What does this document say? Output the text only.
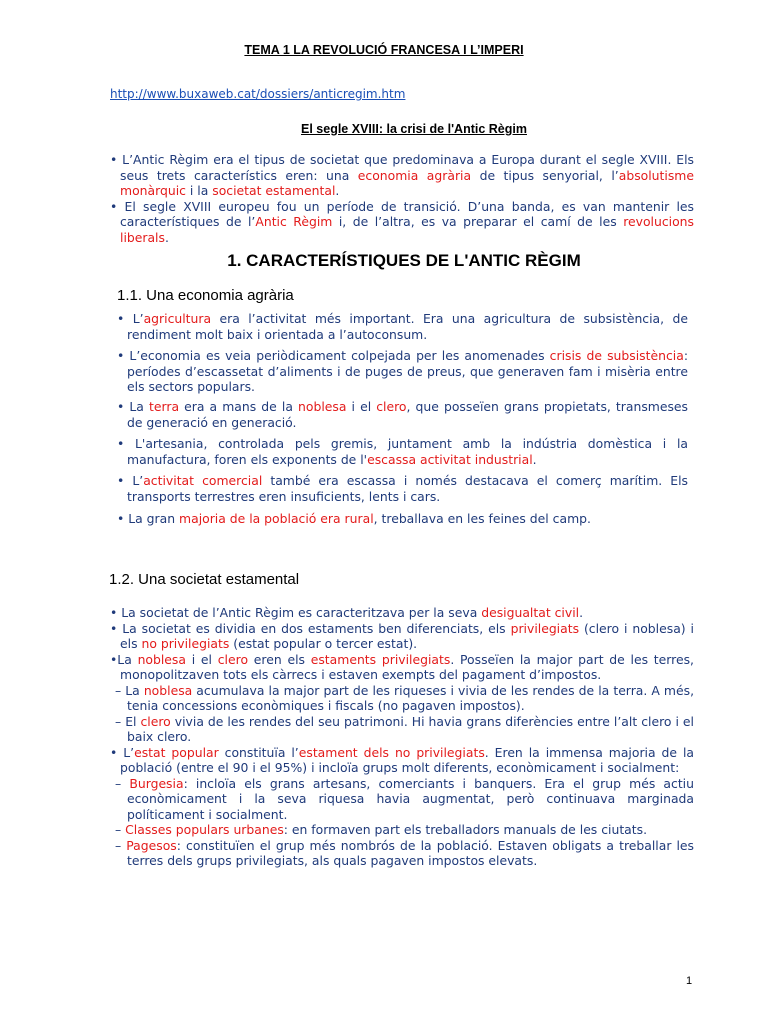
TEMA 1 LA REVOLUCIÓ FRANCESA I L’IMPERI
http://www.buxaweb.cat/dossiers/anticregim.htm
El segle XVIII: la crisi de l'Antic Règim

• L’Antic Règim era el tipus de societat que predominava a Europa durant el segle XVIII. Els seus trets característics eren: una economia agrària de tipus senyorial, l’absolutisme monàrquic i la societat estamental.

• El segle XVIII europeu fou un període de transició. D’una banda, es van mantenir les característiques de l’Antic Règim i, de l’altra, es va preparar el camí de les revolucions liberals.

1. CARACTERÍSTIQUES DE L'ANTIC RÈGIM
1.1. Una economia agrària

• L’agricultura era l’activitat més important. Era una agricultura de subsistència, de rendiment molt baix i orientada a l’autoconsum.

• L’economia es veia periòdicament colpejada per les anomenades crisis de subsistència: períodes d’escassetat d’aliments i de puges de preus, que generaven fam i misèria entre els sectors populars.

• La terra era a mans de la noblesa i el clero, que posseïen grans propietats, transmeses de generació en generació.

• L'artesania, controlada pels gremis, juntament amb la indústria domèstica i la manufactura, foren els exponents de l'escassa activitat industrial.

• L’activitat comercial també era escassa i només destacava el comerç marítim. Els transports terrestres eren insuficients, lents i cars.

• La gran majoria de la població era rural, treballava en les feines del camp.

1.2. Una societat estamental

• La societat de l’Antic Règim es caracteritzava per la seva desigualtat civil.

• La societat es dividia en dos estaments ben diferenciats, els privilegiats (clero i noblesa) i els no privilegiats (estat popular o tercer estat).

•La noblesa i el clero eren els estaments privilegiats. Posseïen la major part de les terres, monopolitzaven tots els càrrecs i estaven exempts del pagament d’impostos.

– La noblesa acumulava la major part de les riqueses i vivia de les rendes de la terra. A més, tenia concessions econòmiques i fiscals (no pagaven impostos).

– El clero vivia de les rendes del seu patrimoni. Hi havia grans diferències entre l’alt clero i el baix clero.

• L’estat popular constituïa l’estament dels no privilegiats. Eren la immensa majoria de la població (entre el 90 i el 95%) i incloïa grups molt diferents, econòmicament i socialment:

– Burgesia: incloïa els grans artesans, comerciants i banquers. Era el grup més actiu econòmicament i la seva riquesa havia augmentat, però continuava marginada políticament i socialment.

– Classes populars urbanes: en formaven part els treballadors manuals de les ciutats.

– Pagesos: constituïen el grup més nombrós de la població. Estaven obligats a treballar les terres dels grups privilegiats, als quals pagaven impostos elevats.

1
